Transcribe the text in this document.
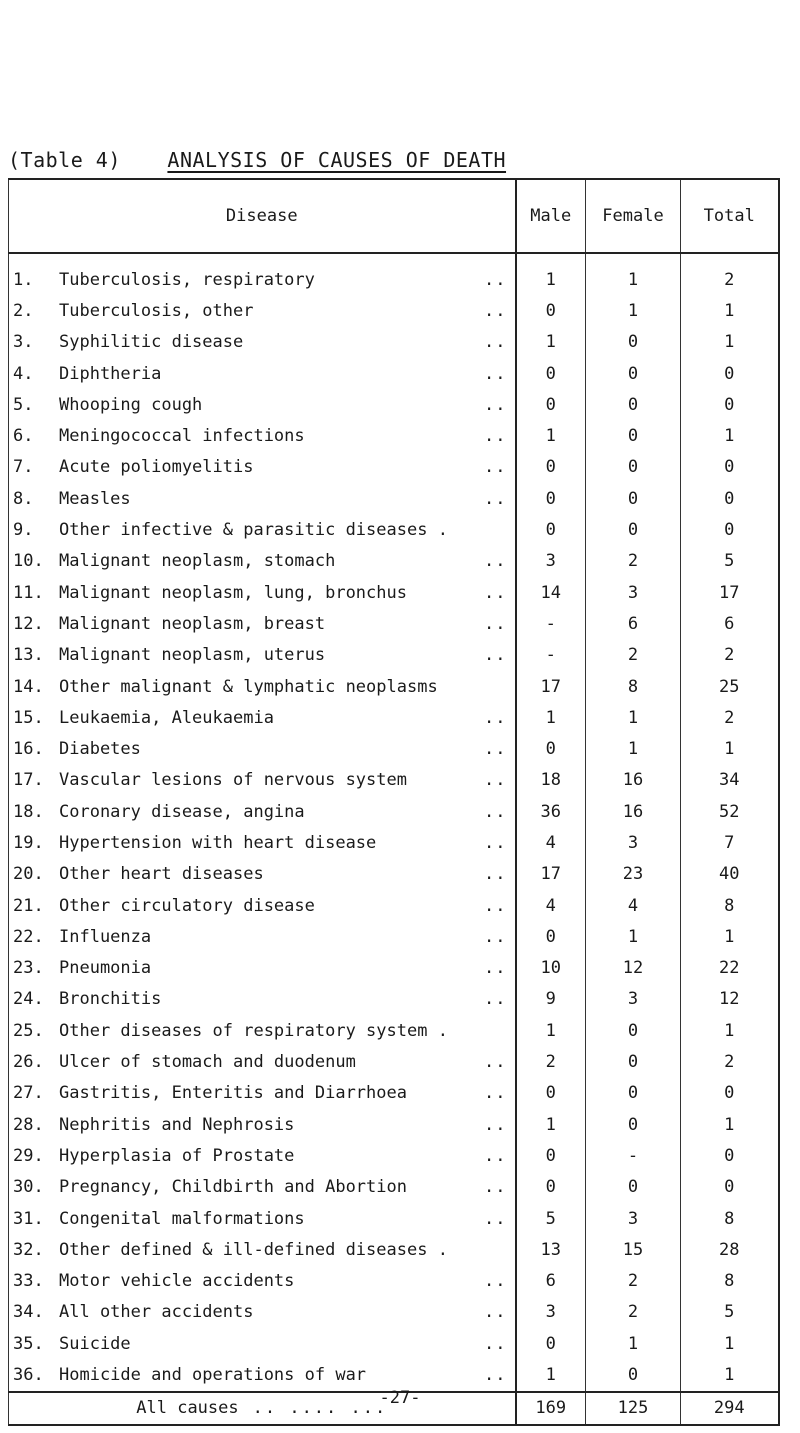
(Table 4) ANALYSIS OF CAUSES OF DEATH
Disease	Male	Female	Total
1. Tuberculosis, respiratory ..	1	1	2
2. Tuberculosis, other ..	0	1	1
3. Syphilitic disease ..	1	0	1
4. Diphtheria ..	0	0	0
5. Whooping cough ..	0	0	0
6. Meningococcal infections ..	1	0	1
7. Acute poliomyelitis ..	0	0	0
8. Measles ..	0	0	0
9. Other infective & parasitic diseases .	0	0	0
10. Malignant neoplasm, stomach ..	3	2	5
11. Malignant neoplasm, lung, bronchus ..	14	3	17
12. Malignant neoplasm, breast ..	-	6	6
13. Malignant neoplasm, uterus ..	-	2	2
14. Other malignant & lymphatic neoplasms	17	8	25
15. Leukaemia, Aleukaemia ..	1	1	2
16. Diabetes ..	0	1	1
17. Vascular lesions of nervous system ..	18	16	34
18. Coronary disease, angina ..	36	16	52
19. Hypertension with heart disease ..	4	3	7
20. Other heart diseases ..	17	23	40
21. Other circulatory disease ..	4	4	8
22. Influenza ..	0	1	1
23. Pneumonia ..	10	12	22
24. Bronchitis ..	9	3	12
25. Other diseases of respiratory system .	1	0	1
26. Ulcer of stomach and duodenum ..	2	0	2
27. Gastritis, Enteritis and Diarrhoea ..	0	0	0
28. Nephritis and Nephrosis ..	1	0	1
29. Hyperplasia of Prostate ..	0	-	0
30. Pregnancy, Childbirth and Abortion ..	0	0	0
31. Congenital malformations ..	5	3	8
32. Other defined & ill-defined diseases .	13	15	28
33. Motor vehicle accidents ..	6	2	8
34. All other accidents ..	3	2	5
35. Suicide ..	0	1	1
36. Homicide and operations of war ..	1	0	1
All causes .. .... ...	169	125	294
-27-
